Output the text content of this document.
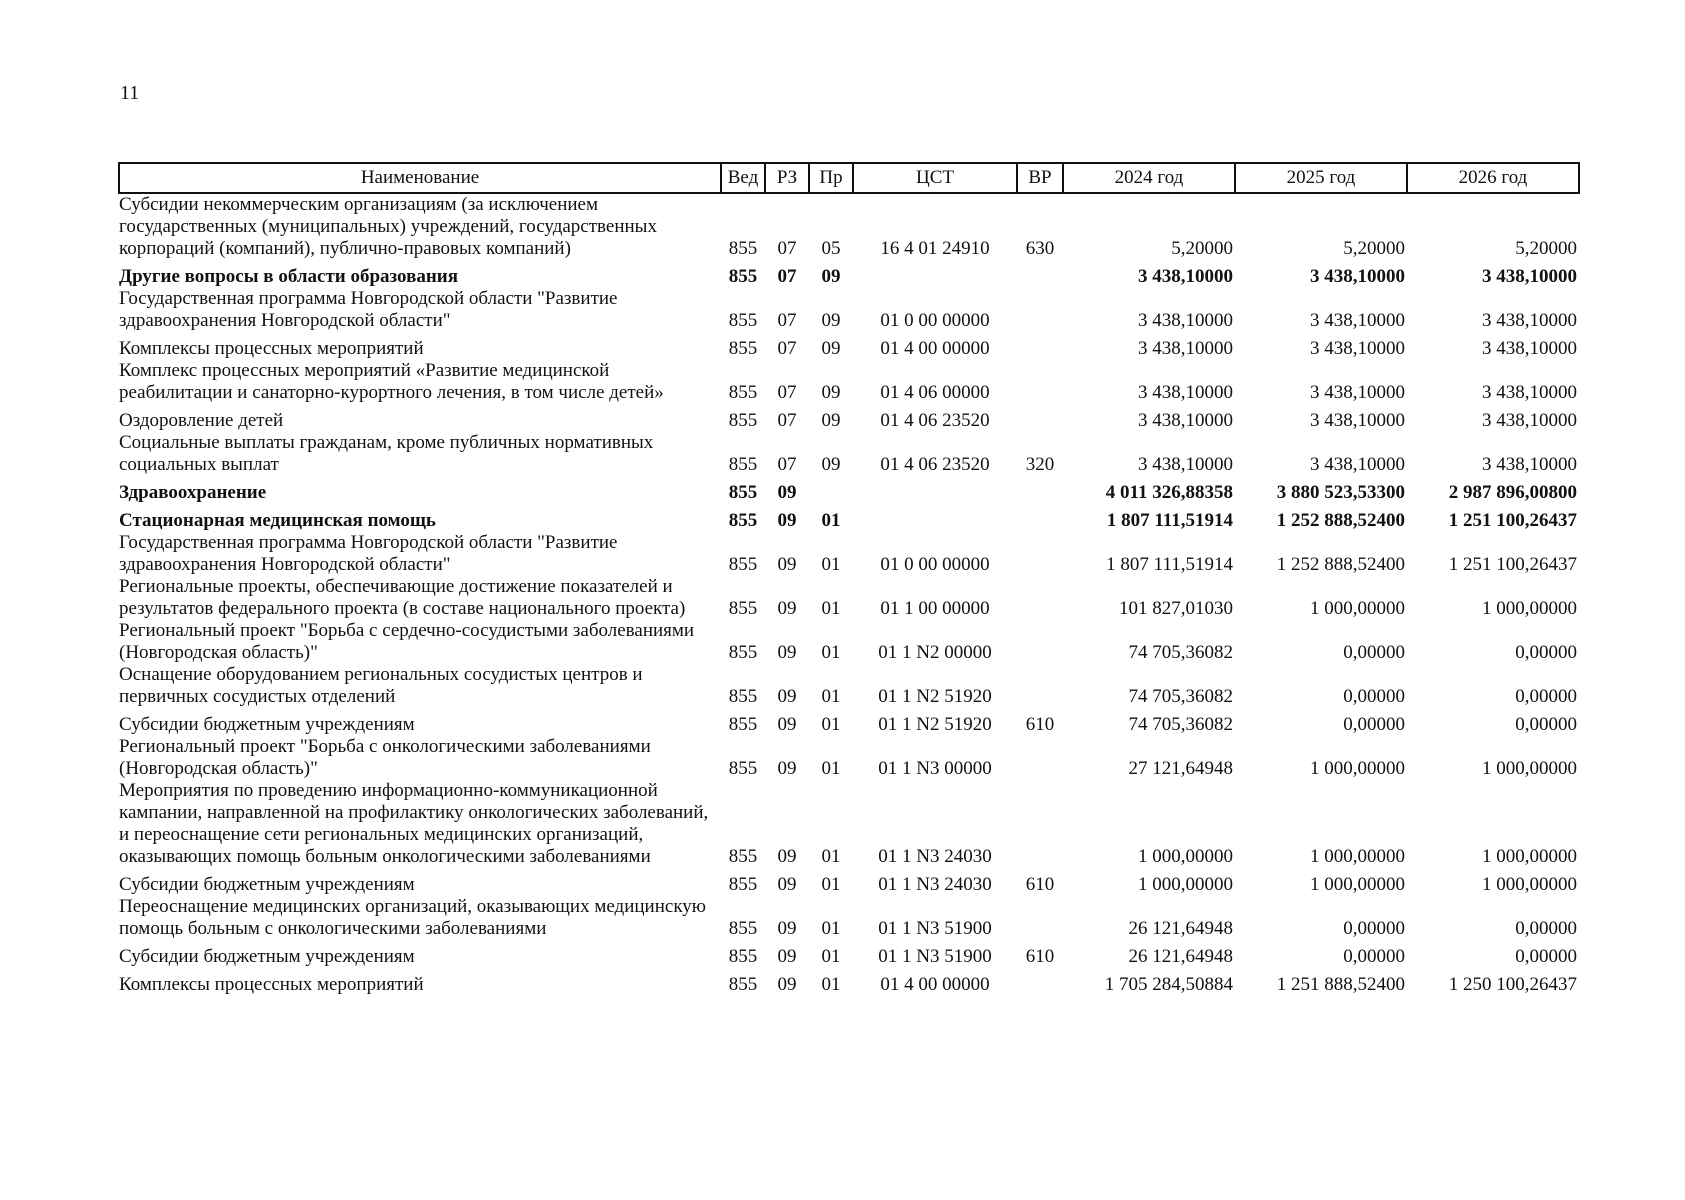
11
Наименование	Вед	РЗ	Пр	ЦСТ	ВР	2024 год	2025 год	2026 год
Субсидии некоммерческим организациям (за исключением государственных (муниципальных) учреждений, государственных корпораций (компаний), публично-правовых компаний)	855	07	05	16 4 01 24910	630	5,20000	5,20000	5,20000
Другие вопросы в области образования	855	07	09			3 438,10000	3 438,10000	3 438,10000
Государственная программа Новгородской области "Развитие здравоохранения Новгородской области"	855	07	09	01 0 00 00000		3 438,10000	3 438,10000	3 438,10000
Комплексы процессных мероприятий	855	07	09	01 4 00 00000		3 438,10000	3 438,10000	3 438,10000
Комплекс процессных мероприятий «Развитие медицинской реабилитации и санаторно-курортного лечения, в том числе детей»	855	07	09	01 4 06 00000		3 438,10000	3 438,10000	3 438,10000
Оздоровление детей	855	07	09	01 4 06 23520		3 438,10000	3 438,10000	3 438,10000
Социальные выплаты гражданам, кроме публичных нормативных социальных выплат	855	07	09	01 4 06 23520	320	3 438,10000	3 438,10000	3 438,10000
Здравоохранение	855	09				4 011 326,88358	3 880 523,53300	2 987 896,00800
Стационарная медицинская помощь	855	09	01			1 807 111,51914	1 252 888,52400	1 251 100,26437
Государственная программа Новгородской области "Развитие здравоохранения Новгородской области"	855	09	01	01 0 00 00000		1 807 111,51914	1 252 888,52400	1 251 100,26437
Региональные проекты, обеспечивающие достижение показателей и результатов федерального проекта (в составе национального проекта)	855	09	01	01 1 00 00000		101 827,01030	1 000,00000	1 000,00000
Региональный проект "Борьба с сердечно-сосудистыми заболеваниями (Новгородская область)"	855	09	01	01 1 N2 00000		74 705,36082	0,00000	0,00000
Оснащение оборудованием региональных сосудистых центров и первичных сосудистых отделений	855	09	01	01 1 N2 51920		74 705,36082	0,00000	0,00000
Субсидии бюджетным учреждениям	855	09	01	01 1 N2 51920	610	74 705,36082	0,00000	0,00000
Региональный проект "Борьба с онкологическими заболеваниями (Новгородская область)"	855	09	01	01 1 N3 00000		27 121,64948	1 000,00000	1 000,00000
Мероприятия по проведению информационно-коммуникационной кампании, направленной на профилактику онкологических заболеваний, и переоснащение сети региональных медицинских организаций, оказывающих помощь больным онкологическими заболеваниями	855	09	01	01 1 N3 24030		1 000,00000	1 000,00000	1 000,00000
Субсидии бюджетным учреждениям	855	09	01	01 1 N3 24030	610	1 000,00000	1 000,00000	1 000,00000
Переоснащение медицинских организаций, оказывающих медицинскую помощь больным с онкологическими заболеваниями	855	09	01	01 1 N3 51900		26 121,64948	0,00000	0,00000
Субсидии бюджетным учреждениям	855	09	01	01 1 N3 51900	610	26 121,64948	0,00000	0,00000
Комплексы процессных мероприятий	855	09	01	01 4 00 00000		1 705 284,50884	1 251 888,52400	1 250 100,26437
